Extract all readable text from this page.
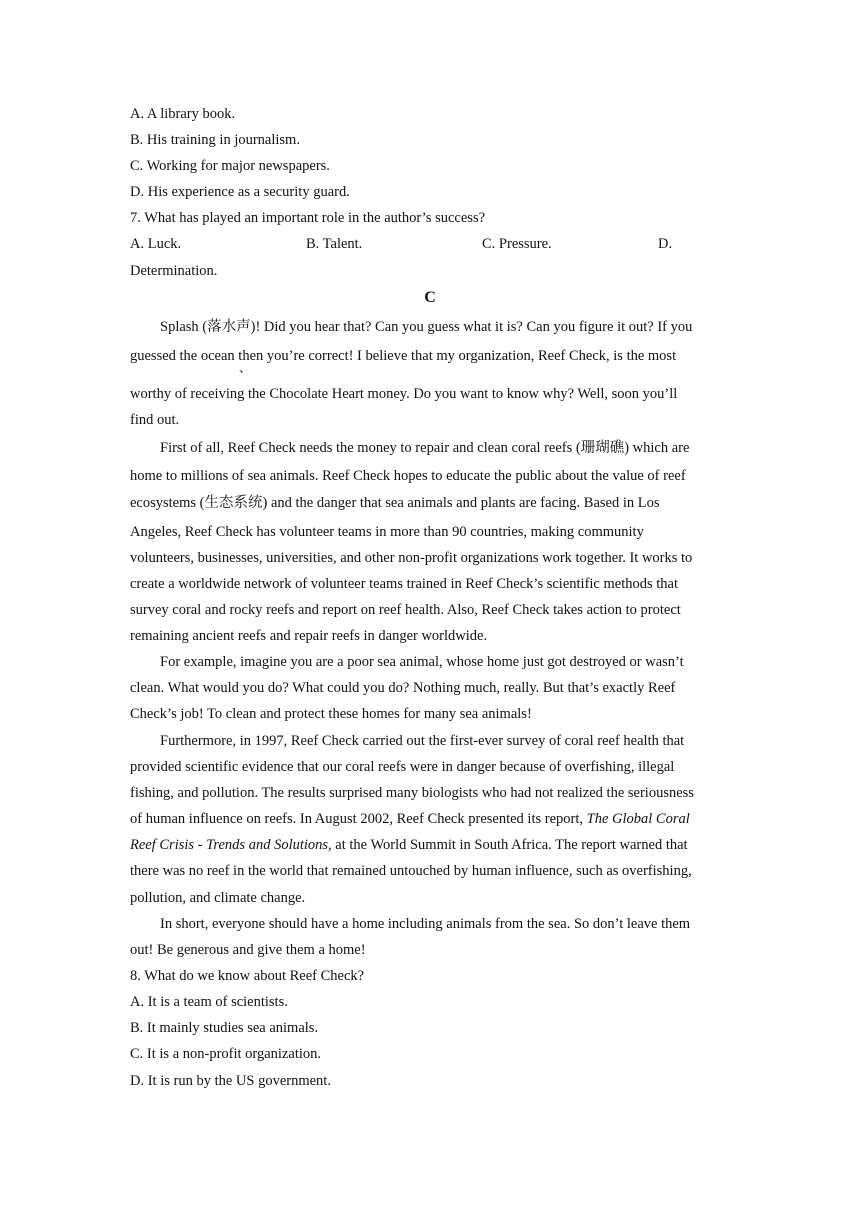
A. A library book.
B. His training in journalism.
C. Working for major newspapers.
D. His experience as a security guard.
7. What has played an important role in the author’s success?
A. Luck.	B. Talent.	C. Pressure.	D.
Determination.
C
Splash (落水声)! Did you hear that? Can you guess what it is? Can you figure it out? If you
guessed the ocean then you’re correct! I believe that my organization, Reef Check, is the most
、
worthy of receiving the Chocolate Heart money. Do you want to know why? Well, soon you’ll
find out.
First of all, Reef Check needs the money to repair and clean coral reefs (珊瑚礁) which are
home to millions of sea animals. Reef Check hopes to educate the public about the value of reef
ecosystems (生态系统) and the danger that sea animals and plants are facing. Based in Los
Angeles, Reef Check has volunteer teams in more than 90 countries, making community
volunteers, businesses, universities, and other non-profit organizations work together. It works to
create a worldwide network of volunteer teams trained in Reef Check’s scientific methods that
survey coral and rocky reefs and report on reef health. Also, Reef Check takes action to protect
remaining ancient reefs and repair reefs in danger worldwide.
For example, imagine you are a poor sea animal, whose home just got destroyed or wasn’t
clean. What would you do? What could you do? Nothing much, really. But that’s exactly Reef
Check’s job! To clean and protect these homes for many sea animals!
Furthermore, in 1997, Reef Check carried out the first-ever survey of coral reef health that
provided scientific evidence that our coral reefs were in danger because of overfishing, illegal
fishing, and pollution. The results surprised many biologists who had not realized the seriousness
of human influence on reefs. In August 2002, Reef Check presented its report, The Global Coral
Reef Crisis - Trends and Solutions, at the World Summit in South Africa. The report warned that
there was no reef in the world that remained untouched by human influence, such as overfishing,
pollution, and climate change.
In short, everyone should have a home including animals from the sea. So don’t leave them
out! Be generous and give them a home!
8. What do we know about Reef Check?
A. It is a team of scientists.
B. It mainly studies sea animals.
C. It is a non-profit organization.
D. It is run by the US government.
